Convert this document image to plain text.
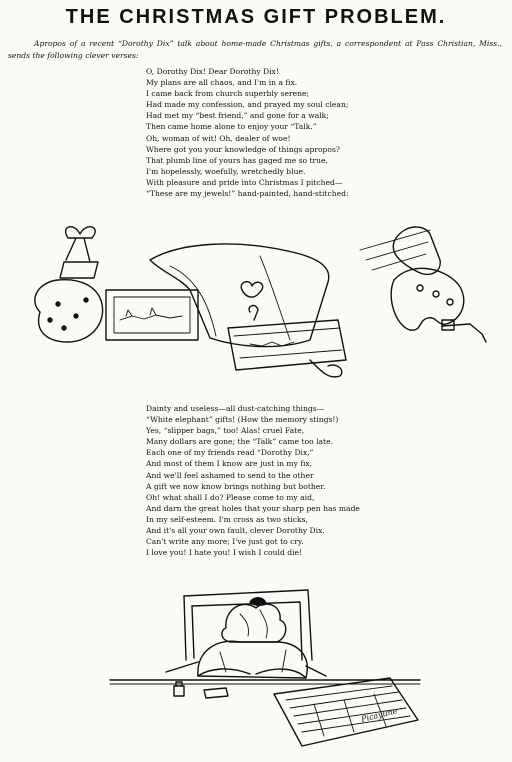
THE CHRISTMAS GIFT PROBLEM.
Apropos of a recent “Dorothy Dix” talk about home-made Christmas gifts, a correspondent at Pass Christian, Miss., sends the following clever verses:
O, Dorothy Dix! Dear Dorothy Dix!
My plans are all chaos, and I'm in a fix.
I came back from church superbly serene;
Had made my confession, and prayed my soul clean;
Had met my “best friend,” and gone for a walk;
Then came home alone to enjoy your “Talk.”
Oh, woman of wit! Oh, dealer of woe!
Where got you your knowledge of things apropos?
That plumb line of yours has gaged me so true,
I'm hopelessly, woefully, wretchedly blue.
With pleasure and pride into Christmas I pitched—
“These are my jewels!” hand-painted, hand-stitched:
Dainty and useless—all dust-catching things—
“White elephant” gifts! (How the memory stings!)
Yes, “slipper bags,” too! Alas! cruel Fate,
Many dollars are gone; the “Talk” came too late.
Each one of my friends read “Dorothy Dix,”
And most of them I know are just in my fix,
And we'll feel ashamed to send to the other
A gift we now know brings nothing but bother.
Oh! what shall I do? Please come to my aid,
And darn the great holes that your sharp pen has made
In my self-esteem. I'm cross as two sticks,
And it's all your own fault, clever Dorothy Dix.
Can't write any more; I've just got to cry.
I love you! I hate you! I wish I could die!
Picayune
